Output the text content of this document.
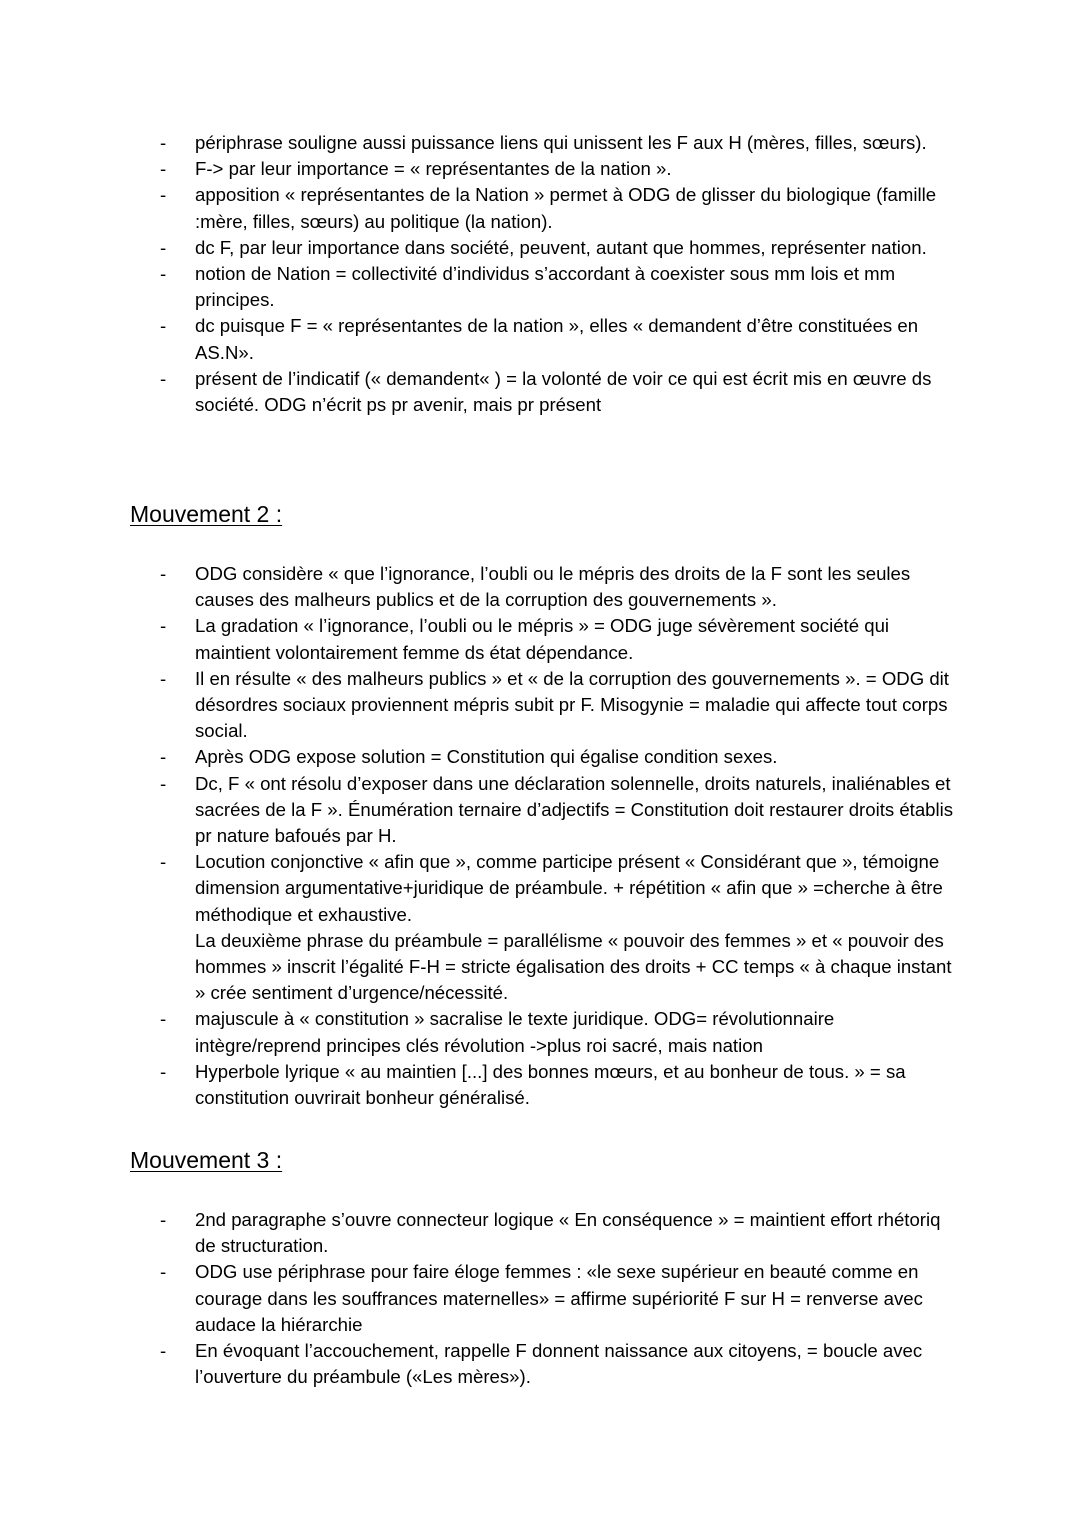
- périphrase souligne aussi puissance liens qui unissent les F aux H (mères, filles, sœurs).
- F-> par leur importance = « représentantes de la nation ».
- apposition « représentantes de la Nation » permet à ODG de glisser du biologique (famille :mère, filles, sœurs) au politique (la nation).
- dc F, par leur importance dans société, peuvent, autant que hommes, représenter nation.
- notion de Nation = collectivité d’individus s’accordant à coexister sous mm lois et mm principes.
- dc puisque F = « représentantes de la nation », elles « demandent d’être constituées en AS.N».
- présent de l’indicatif (« demandent« ) = la volonté de voir ce qui est écrit mis en œuvre ds société. ODG n’écrit ps pr avenir, mais pr présent
Mouvement 2 :
- ODG considère « que l’ignorance, l’oubli ou le mépris des droits de la F sont les seules causes des malheurs publics et de la corruption des gouvernements ».
- La gradation « l’ignorance, l’oubli ou le mépris » = ODG juge sévèrement société qui maintient volontairement femme ds état dépendance.
- Il en résulte « des malheurs publics » et « de la corruption des gouvernements ». = ODG dit désordres sociaux proviennent mépris subit pr F. Misogynie = maladie qui affecte tout corps social.
- Après ODG expose solution = Constitution qui égalise condition sexes.
- Dc, F « ont résolu d’exposer dans une déclaration solennelle, droits naturels, inaliénables et sacrées de la F ». Énumération ternaire d’adjectifs = Constitution doit restaurer droits établis pr nature bafoués par H.
- Locution conjonctive « afin que », comme participe présent « Considérant que », témoigne dimension argumentative+juridique de préambule. + répétition « afin que » =cherche à être méthodique et exhaustive.
La deuxième phrase du préambule = parallélisme « pouvoir des femmes » et « pouvoir des hommes » inscrit l’égalité F-H = stricte égalisation des droits + CC temps « à chaque instant » crée sentiment d’urgence/nécessité.
- majuscule à « constitution » sacralise le texte juridique. ODG= révolutionnaire intègre/reprend principes clés révolution ->plus roi sacré, mais nation
- Hyperbole lyrique « au maintien [...] des bonnes mœurs, et au bonheur de tous. » = sa constitution ouvrirait bonheur généralisé.
Mouvement 3 :
- 2nd paragraphe s’ouvre connecteur logique « En conséquence » = maintient effort rhétoriq de structuration.
- ODG use périphrase pour faire éloge femmes : «le sexe supérieur en beauté comme en courage dans les souffrances maternelles» = affirme supériorité F sur H = renverse avec audace la hiérarchie
- En évoquant l’accouchement, rappelle F donnent naissance aux citoyens, = boucle avec l’ouverture du préambule («Les mères»).
